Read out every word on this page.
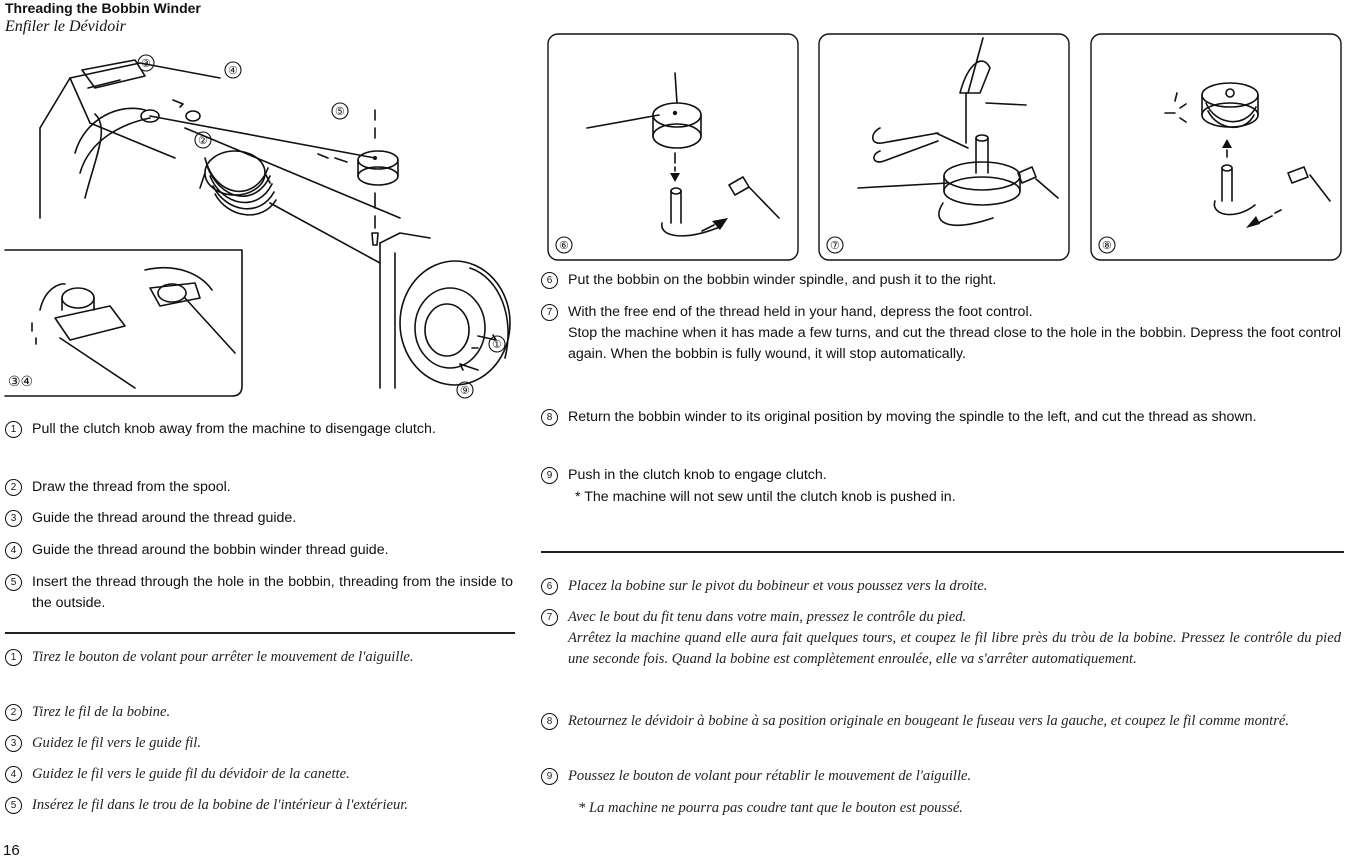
Threading the Bobbin Winder
Enfiler le Dévidoir
③
④
②
⑤
①
⑨
③④
⑥	⑦	⑧
1	Pull the clutch knob away from the machine to disengage clutch.
2	Draw the thread from the spool.
3	Guide the thread around the thread guide.
4	Guide the thread around the bobbin winder thread guide.
5	Insert the thread through the hole in the bobbin, threading from the inside to the outside.
1	Tirez le bouton de volant pour arrêter le mouvement de l'aiguille.
2	Tirez le fil de la bobine.
3	Guidez le fil vers le guide fil.
4	Guidez le fil vers le guide fil du dévidoir de la canette.
5	Insérez le fil dans le trou de la bobine de l'intérieur à l'extérieur.
6	Put the bobbin on the bobbin winder spindle, and push it to the right.
7	With the free end of the thread held in your hand, depress the foot control.
Stop the machine when it has made a few turns, and cut the thread close to the hole in the bobbin. Depress the foot control again. When the bobbin is fully wound, it will stop automatically.
8	Return the bobbin winder to its original position by moving the spindle to the left, and cut the thread as shown.
9	Push in the clutch knob to engage clutch.
* The machine will not sew until the clutch knob is pushed in.
6	Placez la bobine sur le pivot du bobineur et vous poussez vers la droite.
7	Avec le bout du fit tenu dans votre main, pressez le contrôle du pied.
Arrêtez la machine quand elle aura fait quelques tours, et coupez le fil libre près du tròu de la bobine. Pressez le contrôle du pied une seconde fois. Quand la bobine est complètement enroulée, elle va s'arrêter automatiquement.
8	Retournez le dévidoir à bobine à sa position originale en bougeant le fuseau vers la gauche, et coupez le fil comme montré.
9	Poussez le bouton de volant pour rétablir le mouvement de l'aiguille.
* La machine ne pourra pas coudre tant que le bouton est poussé.
16
